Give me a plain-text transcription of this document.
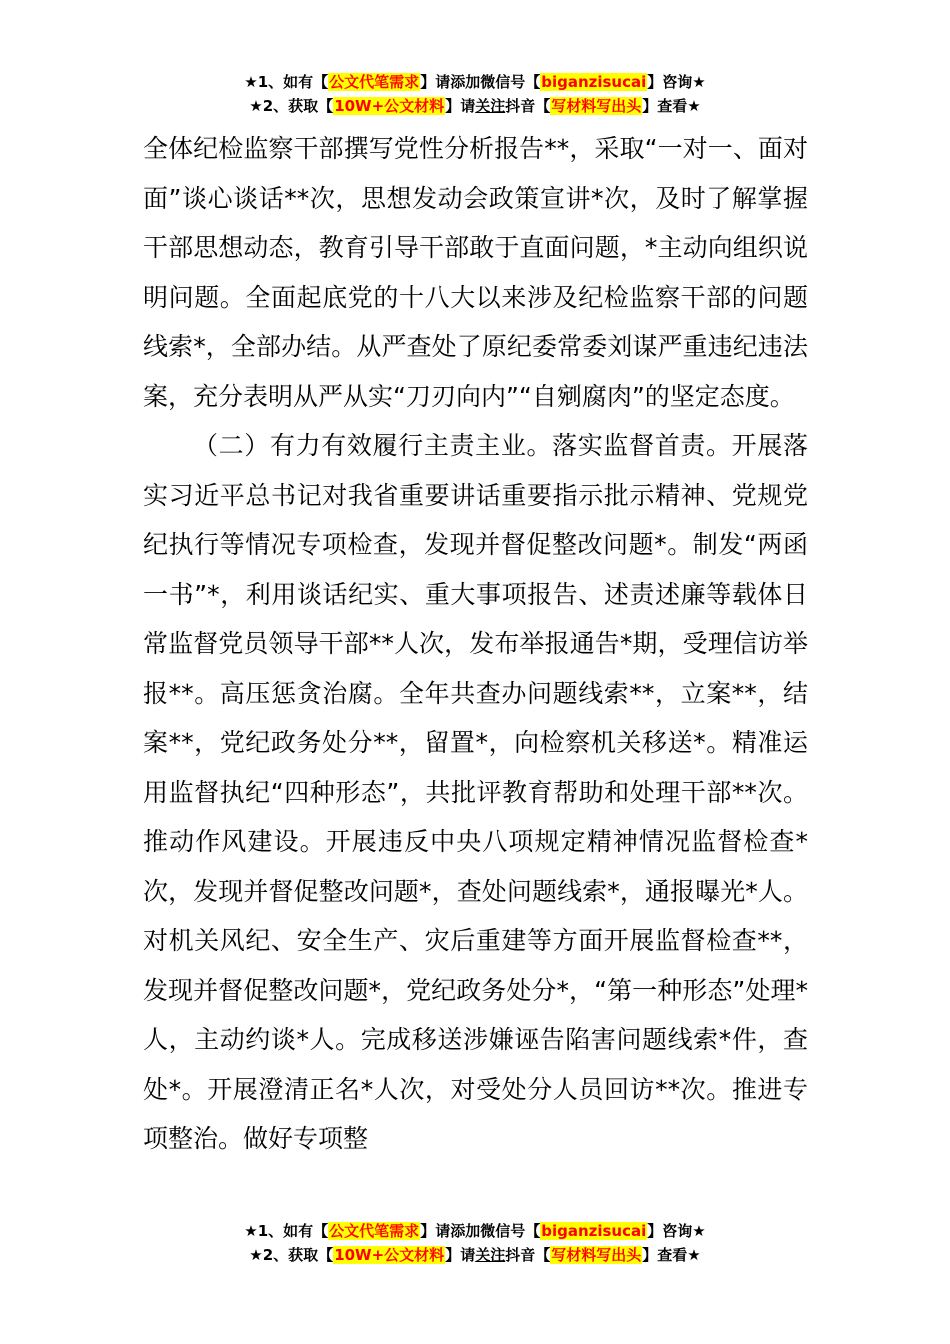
★1、如有【公文代笔需求】请添加微信号【biganzisucai】咨询★
★2、获取【10W+公文材料】请关注抖音【写材料写出头】查看★

全体纪检监察干部撰写党性分析报告**，采取“一对一、面对面”谈心谈话**次，思想发动会政策宣讲*次，及时了解掌握干部思想动态，教育引导干部敢于直面问题，*主动向组织说明问题。全面起底党的十八大以来涉及纪检监察干部的问题线索*，全部办结。从严查处了原纪委常委刘谋严重违纪违法案，充分表明从严从实“刀刃向内”“自剜腐肉”的坚定态度。

（二）有力有效履行主责主业。落实监督首责。开展落实习近平总书记对我省重要讲话重要指示批示精神、党规党纪执行等情况专项检查，发现并督促整改问题*。制发“两函一书”*，利用谈话纪实、重大事项报告、述责述廉等载体日常监督党员领导干部**人次，发布举报通告*期，受理信访举报**。高压惩贪治腐。全年共查办问题线索**，立案**，结案**，党纪政务处分**，留置*，向检察机关移送*。精准运用监督执纪“四种形态”，共批评教育帮助和处理干部**次。推动作风建设。开展违反中央八项规定精神情况监督检查*次，发现并督促整改问题*，查处问题线索*，通报曝光*人。对机关风纪、安全生产、灾后重建等方面开展监督检查**，发现并督促整改问题*，党纪政务处分*，“第一种形态”处理*人，主动约谈*人。完成移送涉嫌诬告陷害问题线索*件，查处*。开展澄清正名*人次，对受处分人员回访**次。推进专项整治。做好专项整

★1、如有【公文代笔需求】请添加微信号【biganzisucai】咨询★
★2、获取【10W+公文材料】请关注抖音【写材料写出头】查看★
